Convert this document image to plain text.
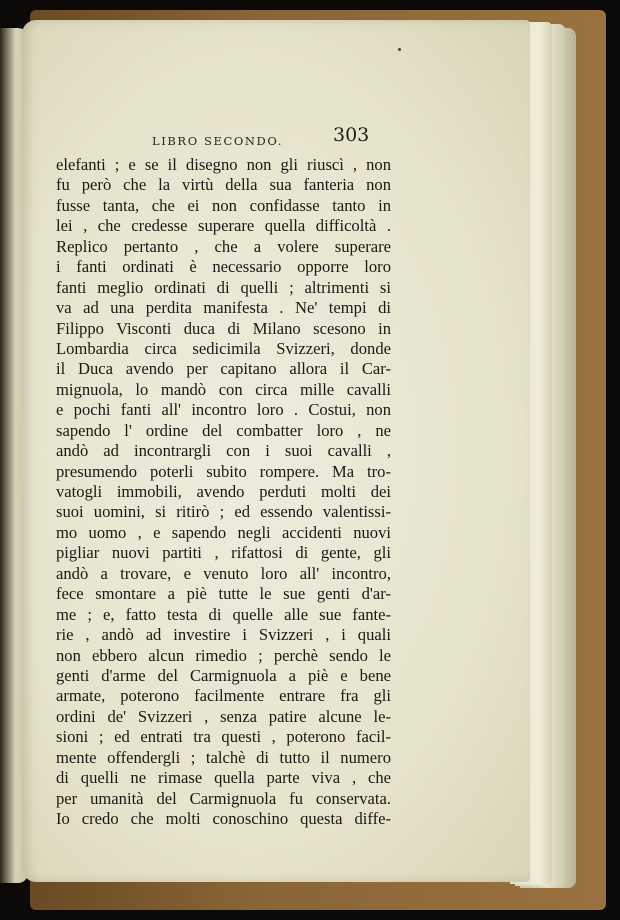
LIBRO SECONDO.	303
elefanti ; e se il disegno non gli riuscì , non
fu però che la virtù della sua fanteria non
fusse tanta, che ei non confidasse tanto in
lei , che credesse superare quella difficoltà .
Replico pertanto , che a volere superare
i fanti ordinati è necessario opporre loro
fanti meglio ordinati di quelli ; altrimenti si
va ad una perdita manifesta . Ne' tempi di
Filippo Visconti duca di Milano scesono in
Lombardia circa sedicimila Svizzeri, donde
il Duca avendo per capitano allora il Car-
mignuola, lo mandò con circa mille cavalli
e pochi fanti all' incontro loro . Costui, non
sapendo l' ordine del combatter loro , ne
andò ad incontrargli con i suoi cavalli ,
presumendo poterli subito rompere. Ma tro-
vatogli immobili, avendo perduti molti dei
suoi uomini, si ritirò ; ed essendo valentissi-
mo uomo , e sapendo negli accidenti nuovi
pigliar nuovi partiti , rifattosi di gente, gli
andò a trovare, e venuto loro all' incontro,
fece smontare a piè tutte le sue genti d'ar-
me ; e, fatto testa di quelle alle sue fante-
rie , andò ad investire i Svizzeri , i quali
non ebbero alcun rimedio ; perchè sendo le
genti d'arme del Carmignuola a piè e bene
armate, poterono facilmente entrare fra gli
ordini de' Svizzeri , senza patire alcune le-
sioni ; ed entrati tra questi , poterono facil-
mente offendergli ; talchè di tutto il numero
di quelli ne rimase quella parte viva , che
per umanità del Carmignuola fu conservata.
Io credo che molti conoschino questa diffe-
